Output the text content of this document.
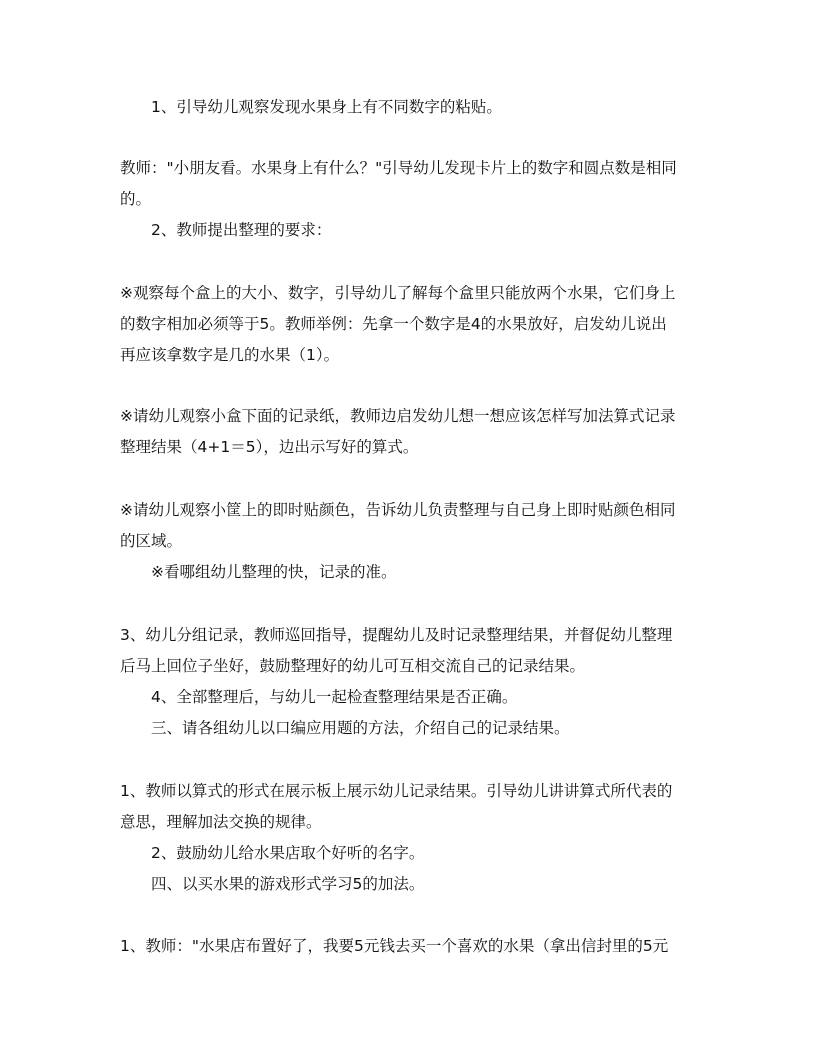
1、引导幼儿观察发现水果身上有不同数字的粘贴。
教师："小朋友看。水果身上有什么？"引导幼儿发现卡片上的数字和圆点数是相同
的。
2、教师提出整理的要求：
※观察每个盒上的大小、数字，引导幼儿了解每个盒里只能放两个水果，它们身上
的数字相加必须等于5。教师举例：先拿一个数字是4的水果放好，启发幼儿说出
再应该拿数字是几的水果（1）。
※请幼儿观察小盒下面的记录纸，教师边启发幼儿想一想应该怎样写加法算式记录
整理结果（4+1＝5），边出示写好的算式。
※请幼儿观察小筐上的即时贴颜色，告诉幼儿负责整理与自己身上即时贴颜色相同
的区域。
※看哪组幼儿整理的快，记录的准。
3、幼儿分组记录，教师巡回指导，提醒幼儿及时记录整理结果，并督促幼儿整理
后马上回位子坐好，鼓励整理好的幼儿可互相交流自己的记录结果。
4、全部整理后，与幼儿一起检查整理结果是否正确。
三、请各组幼儿以口编应用题的方法，介绍自己的记录结果。
1、教师以算式的形式在展示板上展示幼儿记录结果。引导幼儿讲讲算式所代表的
意思，理解加法交换的规律。
2、鼓励幼儿给水果店取个好听的名字。
四、以买水果的游戏形式学习5的加法。
1、教师："水果店布置好了，我要5元钱去买一个喜欢的水果（拿出信封里的5元
